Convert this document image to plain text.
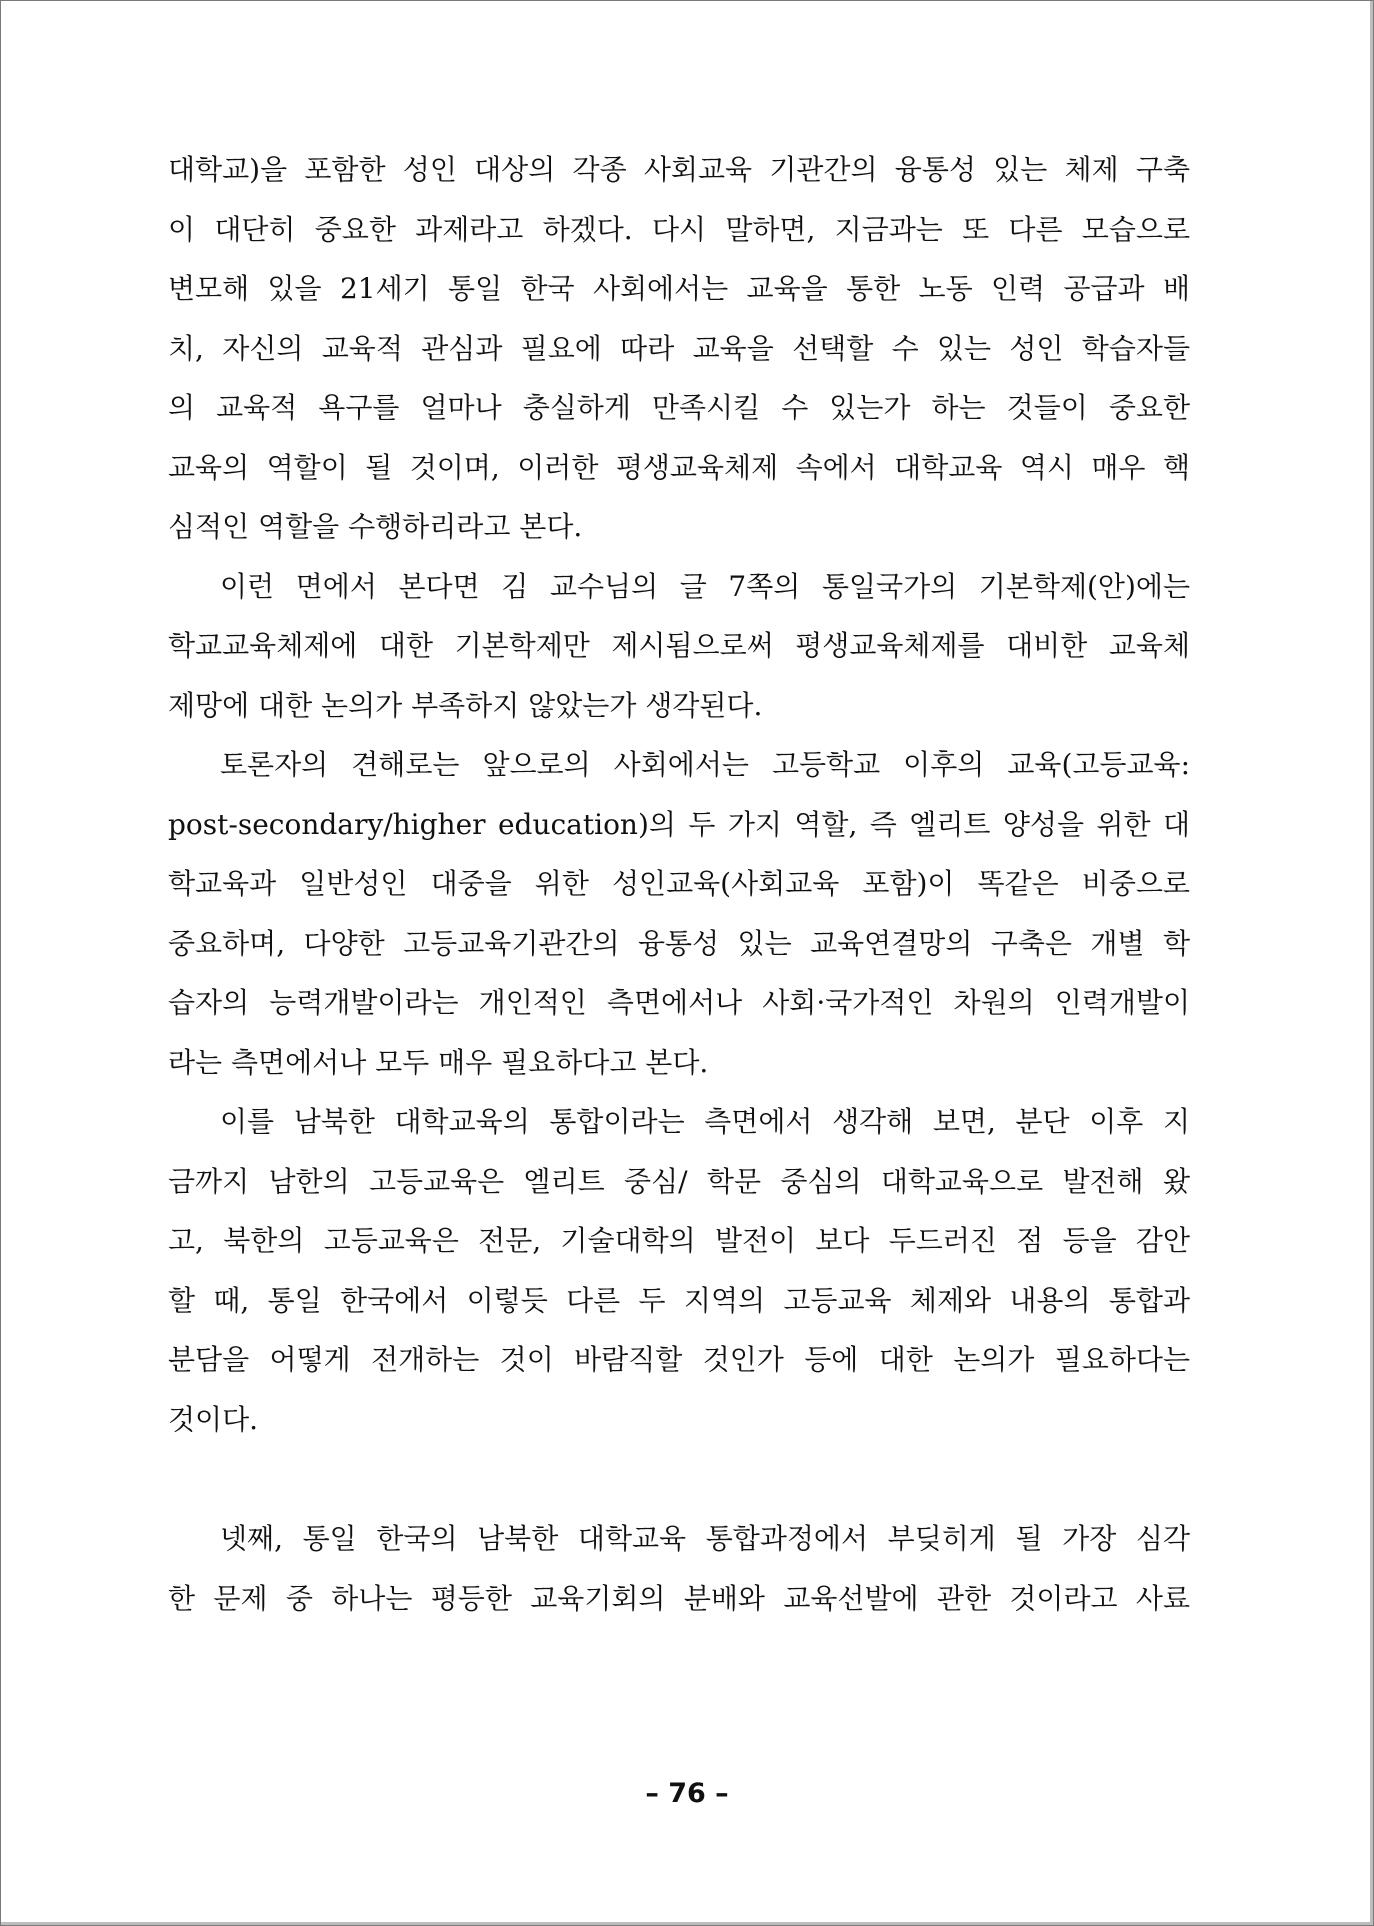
대학교)을 포함한 성인 대상의 각종 사회교육 기관간의 융통성 있는 체제 구축
이 대단히 중요한 과제라고 하겠다. 다시 말하면, 지금과는 또 다른 모습으로
변모해 있을 21세기 통일 한국 사회에서는 교육을 통한 노동 인력 공급과 배
치, 자신의 교육적 관심과 필요에 따라 교육을 선택할 수 있는 성인 학습자들
의 교육적 욕구를 얼마나 충실하게 만족시킬 수 있는가 하는 것들이 중요한
교육의 역할이 될 것이며, 이러한 평생교육체제 속에서 대학교육 역시 매우 핵
심적인 역할을 수행하리라고 본다.
이런 면에서 본다면 김 교수님의 글 7쪽의 통일국가의 기본학제(안)에는
학교교육체제에 대한 기본학제만 제시됨으로써 평생교육체제를 대비한 교육체
제망에 대한 논의가 부족하지 않았는가 생각된다.
토론자의 견해로는 앞으로의 사회에서는 고등학교 이후의 교육(고등교육:
post-secondary/higher education)의 두 가지 역할, 즉 엘리트 양성을 위한 대
학교육과 일반성인 대중을 위한 성인교육(사회교육 포함)이 똑같은 비중으로
중요하며, 다양한 고등교육기관간의 융통성 있는 교육연결망의 구축은 개별 학
습자의 능력개발이라는 개인적인 측면에서나 사회·국가적인 차원의 인력개발이
라는 측면에서나 모두 매우 필요하다고 본다.
이를 남북한 대학교육의 통합이라는 측면에서 생각해 보면, 분단 이후 지
금까지 남한의 고등교육은 엘리트 중심/ 학문 중심의 대학교육으로 발전해 왔
고, 북한의 고등교육은 전문, 기술대학의 발전이 보다 두드러진 점 등을 감안
할 때, 통일 한국에서 이렇듯 다른 두 지역의 고등교육 체제와 내용의 통합과
분담을 어떻게 전개하는 것이 바람직할 것인가 등에 대한 논의가 필요하다는
것이다.
넷째, 통일 한국의 남북한 대학교육 통합과정에서 부딪히게 될 가장 심각
한 문제 중 하나는 평등한 교육기회의 분배와 교육선발에 관한 것이라고 사료
– 76 –
